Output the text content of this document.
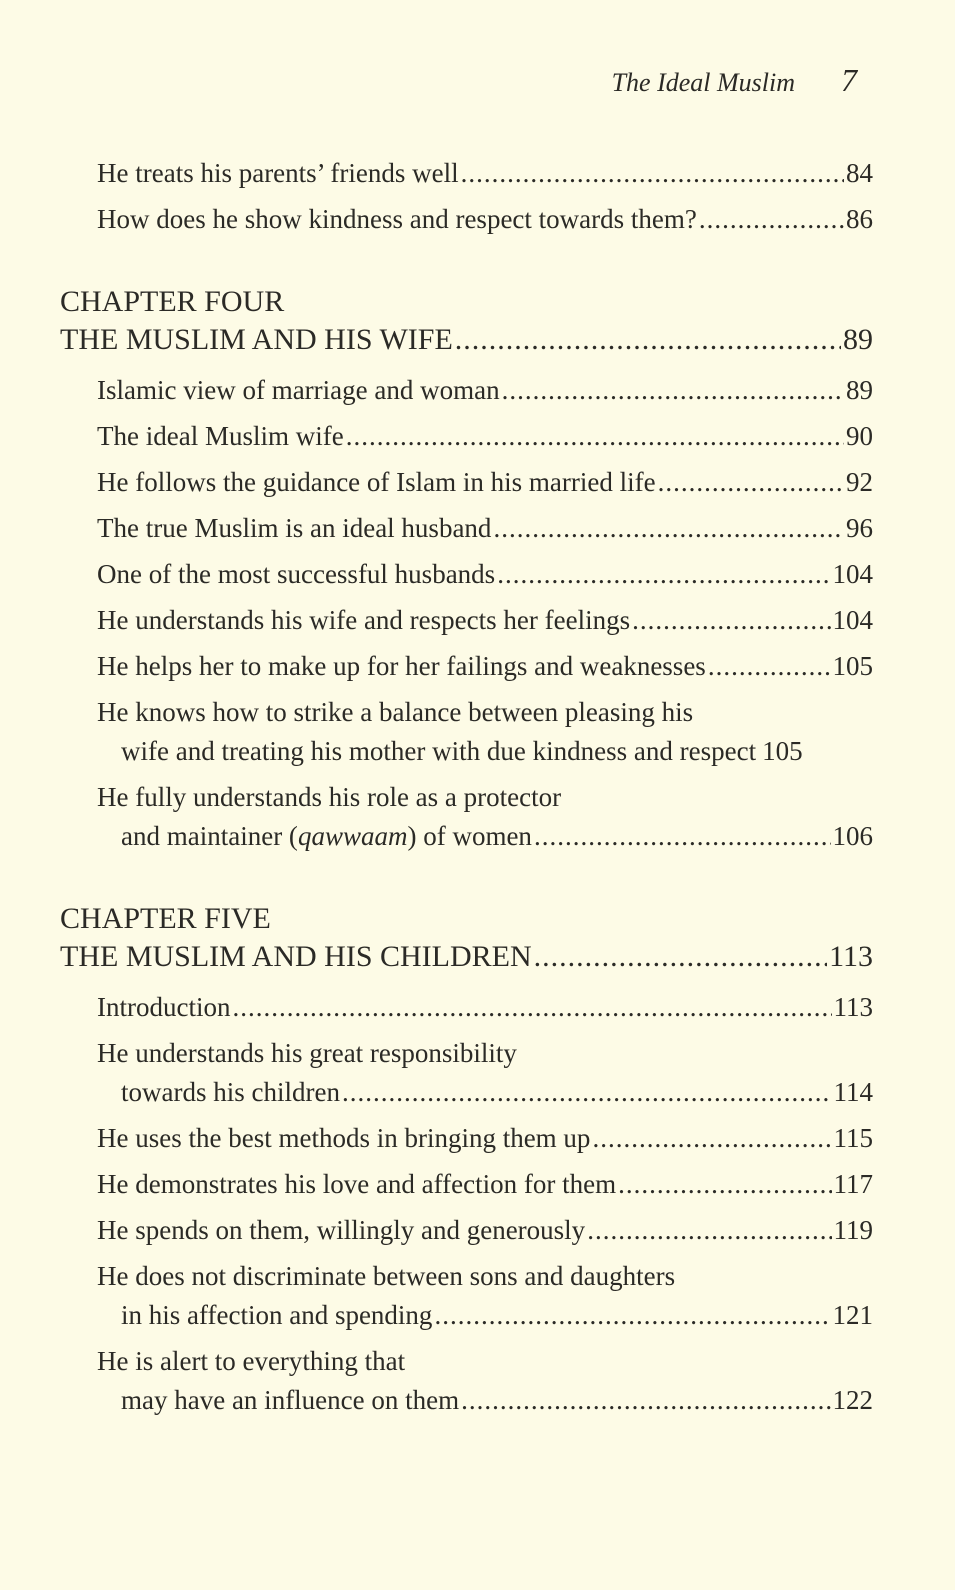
The Ideal Muslim 7
He treats his parents’ friends well .....	84
How does he show kindness and respect towards them? .....	86
CHAPTER FOUR
THE MUSLIM AND HIS WIFE .....	89
Islamic view of marriage and woman .....	89
The ideal Muslim wife .....	90
He follows the guidance of Islam in his married life .....	92
The true Muslim is an ideal husband .....	96
One of the most successful husbands .....	104
He understands his wife and respects her feelings .....	104
He helps her to make up for her failings and weaknesses .....	105
He knows how to strike a balance between pleasing his
wife and treating his mother with due kindness and respect 105
He fully understands his role as a protector
and maintainer (qawwaam) of women .....	106
CHAPTER FIVE
THE MUSLIM AND HIS CHILDREN .....	113
Introduction .....	113
He understands his great responsibility
towards his children .....	114
He uses the best methods in bringing them up .....	115
He demonstrates his love and affection for them .....	117
He spends on them, willingly and generously .....	119
He does not discriminate between sons and daughters
in his affection and spending .....	121
He is alert to everything that
may have an influence on them .....	122
